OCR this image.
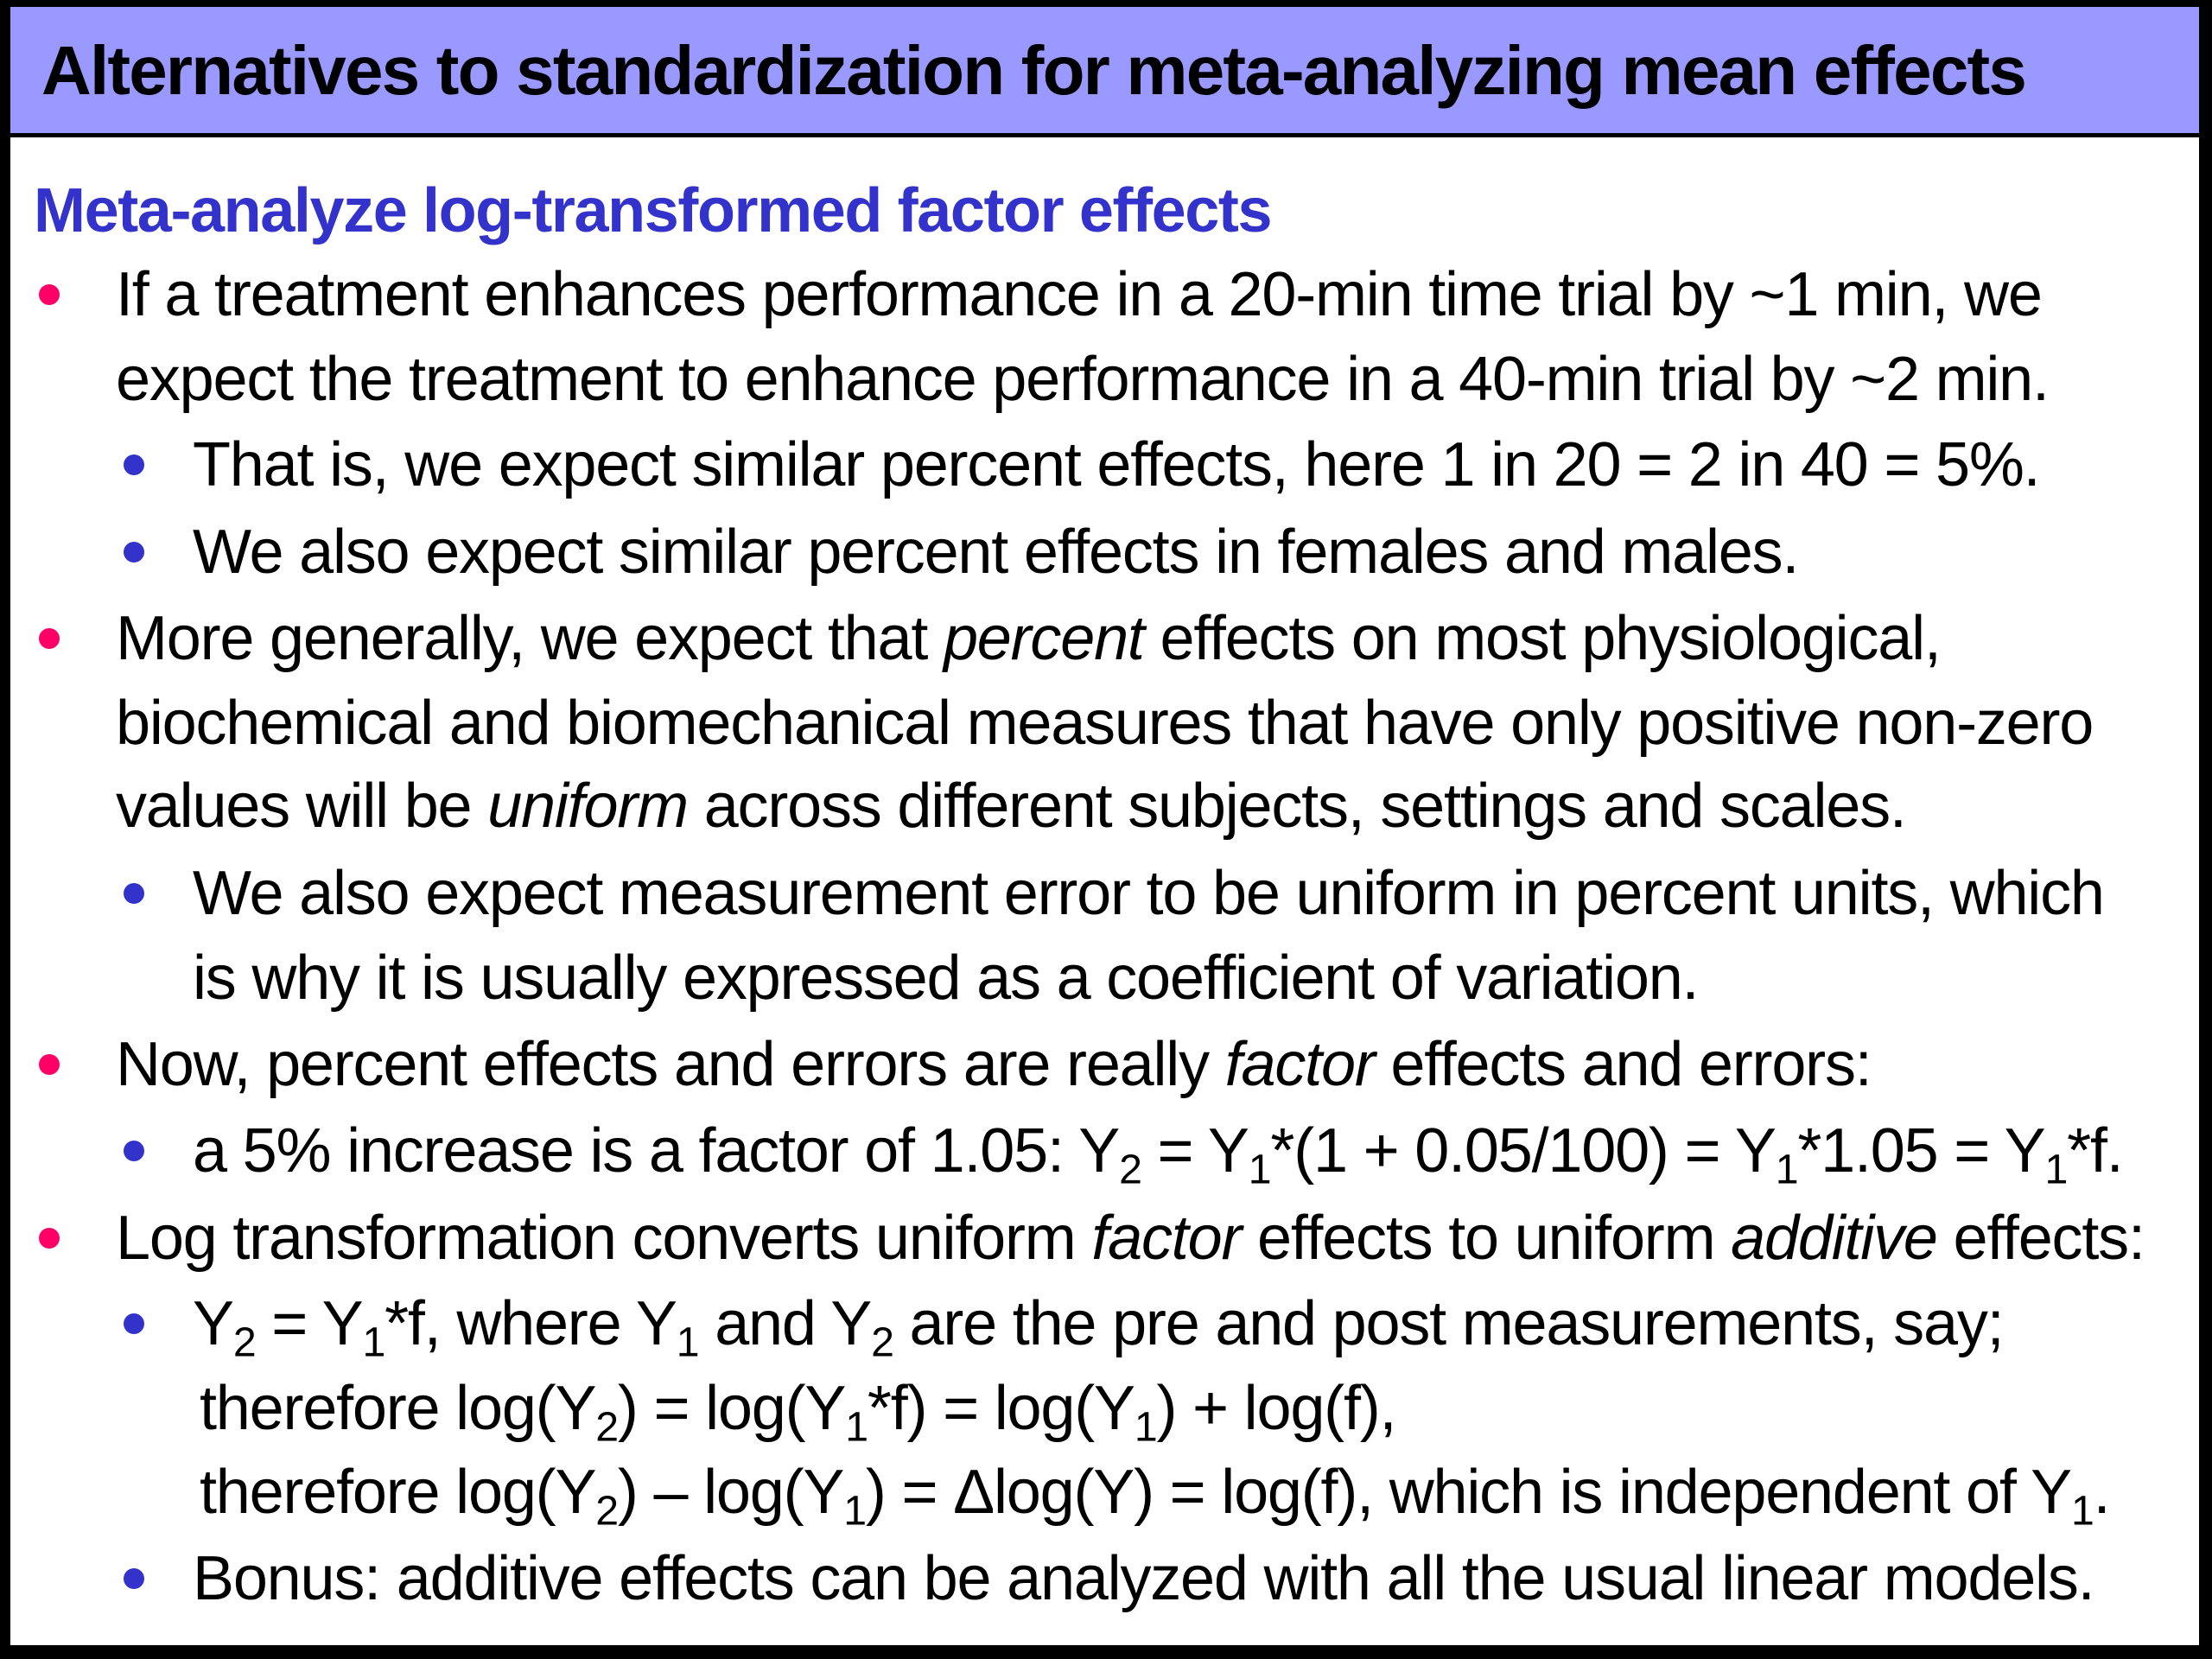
Alternatives to standardization for meta-analyzing mean effects
Meta-analyze log-transformed factor effects
If a treatment enhances performance in a 20-min time trial by ~1 min, we
expect the treatment to enhance performance in a 40-min trial by ~2 min.
That is, we expect similar percent effects, here 1 in 20 = 2 in 40 = 5%.
We also expect similar percent effects in females and males.
More generally, we expect that percent effects on most physiological,
biochemical and biomechanical measures that have only positive non-zero
values will be uniform across different subjects, settings and scales.
We also expect measurement error to be uniform in percent units, which
is why it is usually expressed as a coefficient of variation.
Now, percent effects and errors are really factor effects and errors:
a 5% increase is a factor of 1.05: $Y_2 = Y_1*(1 + 0.05/100) = Y_1*1.05 = Y_1*f$.
Log transformation converts uniform factor effects to uniform additive effects:
$Y_2 = Y_1*f$, where $Y_1$ and $Y_2$ are the pre and post measurements, say;
therefore $\log(Y_2) = \log(Y_1*f) = \log(Y_1) + \log(f)$,
therefore $\log(Y_2) - \log(Y_1) = \Delta\log(Y) = \log(f)$, which is independent of $Y_1$.
Bonus: additive effects can be analyzed with all the usual linear models.
